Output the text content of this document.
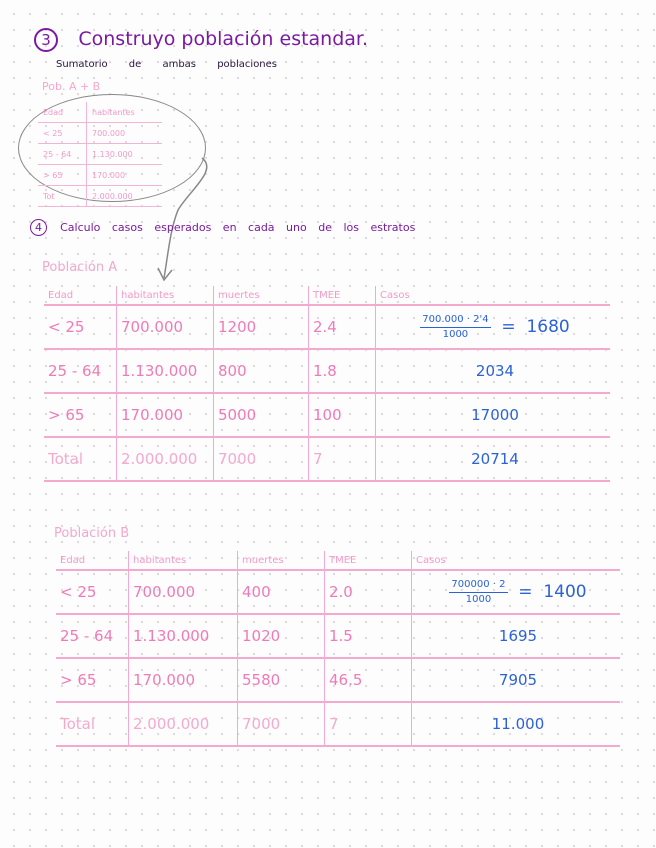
3 Construyo población estandar.
Sumatorio de ambas poblaciones
Pob. A + B
Edad	habitantes
< 25	700.000
25 - 64	1.130.000
> 65	170.000
Tot	2.000.000
4 Calculo casos esperados en cada uno de los estratos
Población A
Edad	habitantes	muertes	TMEE	Casos
< 25	700.000	1200	2.4	$\frac{700.000 \cdot 2'4}{1000} = 1680$
25 - 64	1.130.000	800	1.8	2034
> 65	170.000	5000	100	17000
Total	2.000.000	7000	7	20714
Población B
Edad	habitantes	muertes	TMEE	Casos
< 25	700.000	400	2.0	$\frac{700000 \cdot 2}{1000} = 1400$
25 - 64	1.130.000	1020	1.5	1695
> 65	170.000	5580	46.5	7905
Total	2.000.000	7000	7	11.000
